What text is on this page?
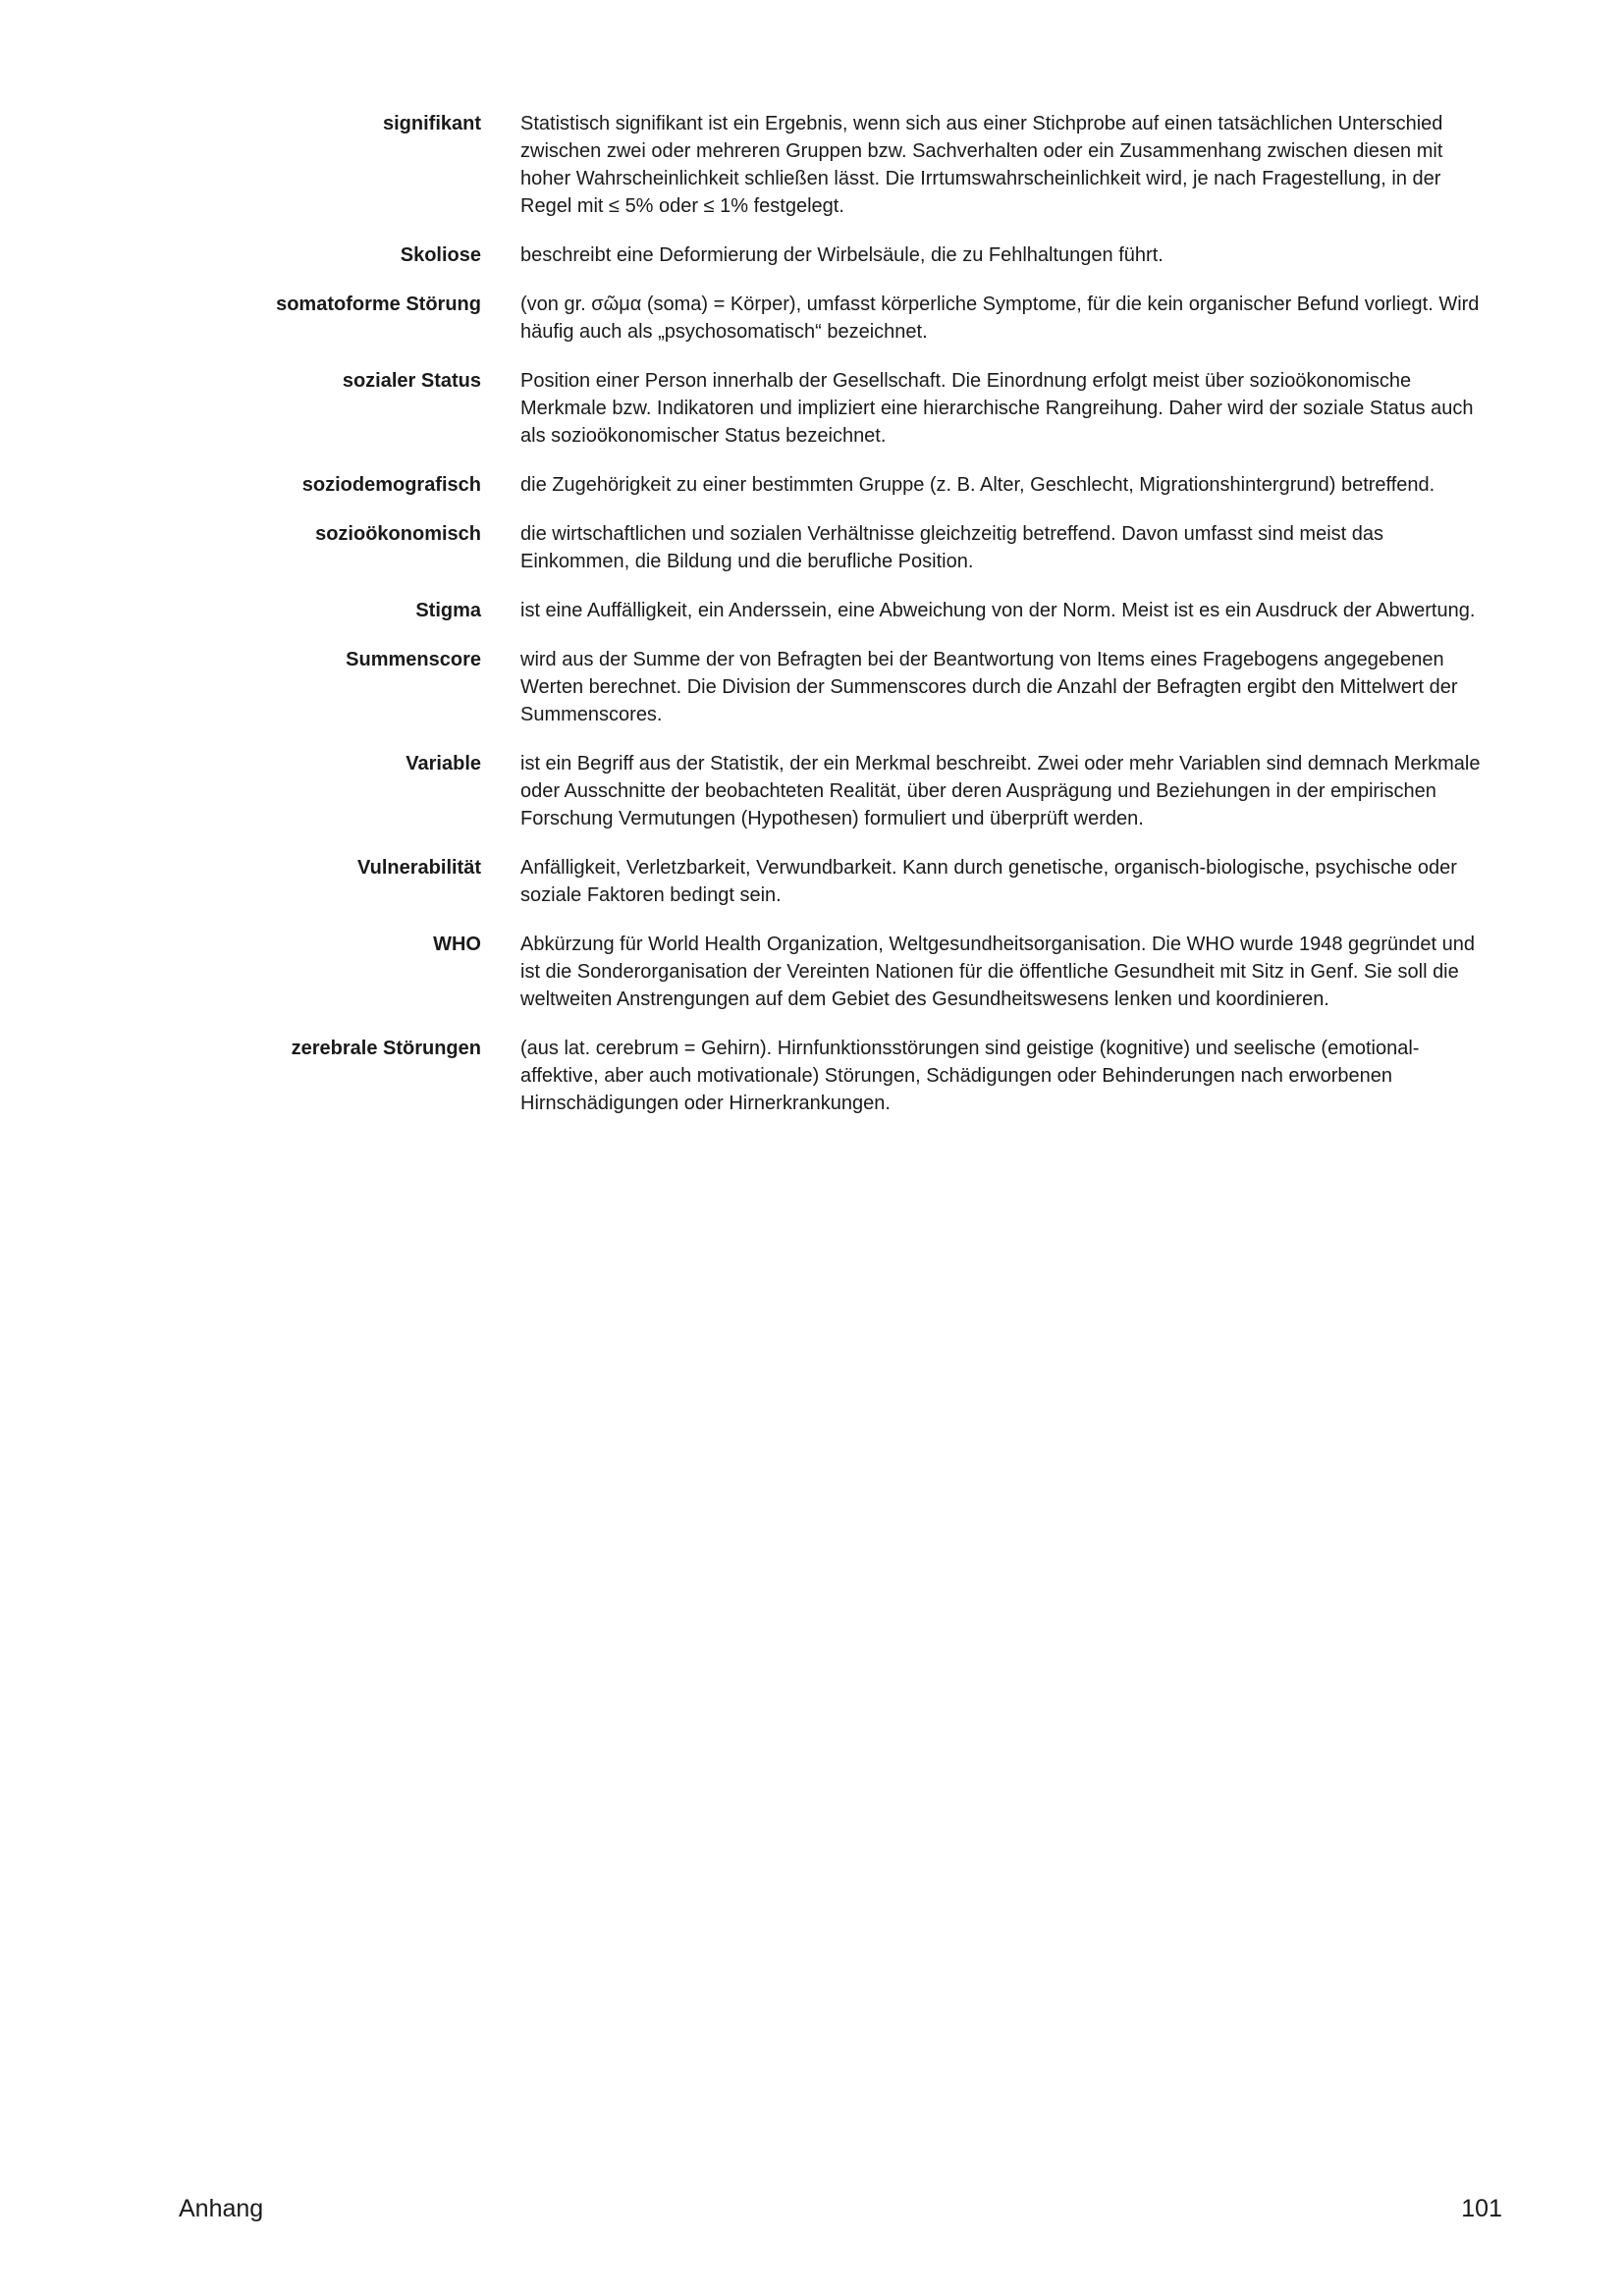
signifikant Statistisch signifikant ist ein Ergebnis, wenn sich aus einer Stichprobe auf einen tatsächlichen Unterschied zwischen zwei oder mehreren Gruppen bzw. Sachverhalten oder ein Zusammenhang zwischen diesen mit hoher Wahrscheinlichkeit schließen lässt. Die Irrtumswahrscheinlichkeit wird, je nach Fragestellung, in der Regel mit ≤ 5% oder ≤ 1% festgelegt.
Skoliose beschreibt eine Deformierung der Wirbelsäule, die zu Fehlhaltungen führt.
somatoforme Störung (von gr. σῶμα (soma) = Körper), umfasst körperliche Symptome, für die kein organischer Befund vorliegt. Wird häufig auch als „psychosomatisch“ bezeichnet.
sozialer Status Position einer Person innerhalb der Gesellschaft. Die Einordnung erfolgt meist über sozioökonomische Merkmale bzw. Indikatoren und impliziert eine hierarchische Rangreihung. Daher wird der soziale Status auch als sozioökonomischer Status bezeichnet.
soziodemografisch die Zugehörigkeit zu einer bestimmten Gruppe (z. B. Alter, Geschlecht, Migrationshintergrund) betreffend.
sozioökonomisch die wirtschaftlichen und sozialen Verhältnisse gleichzeitig betreffend. Davon umfasst sind meist das Einkommen, die Bildung und die berufliche Position.
Stigma ist eine Auffälligkeit, ein Anderssein, eine Abweichung von der Norm. Meist ist es ein Ausdruck der Abwertung.
Summenscore wird aus der Summe der von Befragten bei der Beantwortung von Items eines Fragebogens angegebenen Werten berechnet. Die Division der Summenscores durch die Anzahl der Befragten ergibt den Mittelwert der Summenscores.
Variable ist ein Begriff aus der Statistik, der ein Merkmal beschreibt. Zwei oder mehr Variablen sind demnach Merkmale oder Ausschnitte der beobachteten Realität, über deren Ausprägung und Beziehungen in der empirischen Forschung Vermutungen (Hypothesen) formuliert und überprüft werden.
Vulnerabilität Anfälligkeit, Verletzbarkeit, Verwundbarkeit. Kann durch genetische, organisch-biologische, psychische oder soziale Faktoren bedingt sein.
WHO Abkürzung für World Health Organization, Weltgesundheitsorganisation. Die WHO wurde 1948 gegründet und ist die Sonderorganisation der Vereinten Nationen für die öffentliche Gesundheit mit Sitz in Genf. Sie soll die weltweiten Anstrengungen auf dem Gebiet des Gesundheitswesens lenken und koordinieren.
zerebrale Störungen (aus lat. cerebrum = Gehirn). Hirnfunktionsstörungen sind geistige (kognitive) und seelische (emotional-affektive, aber auch motivationale) Störungen, Schädigungen oder Behinderungen nach erworbenen Hirnschädigungen oder Hirnerkrankungen.
Anhang	101
